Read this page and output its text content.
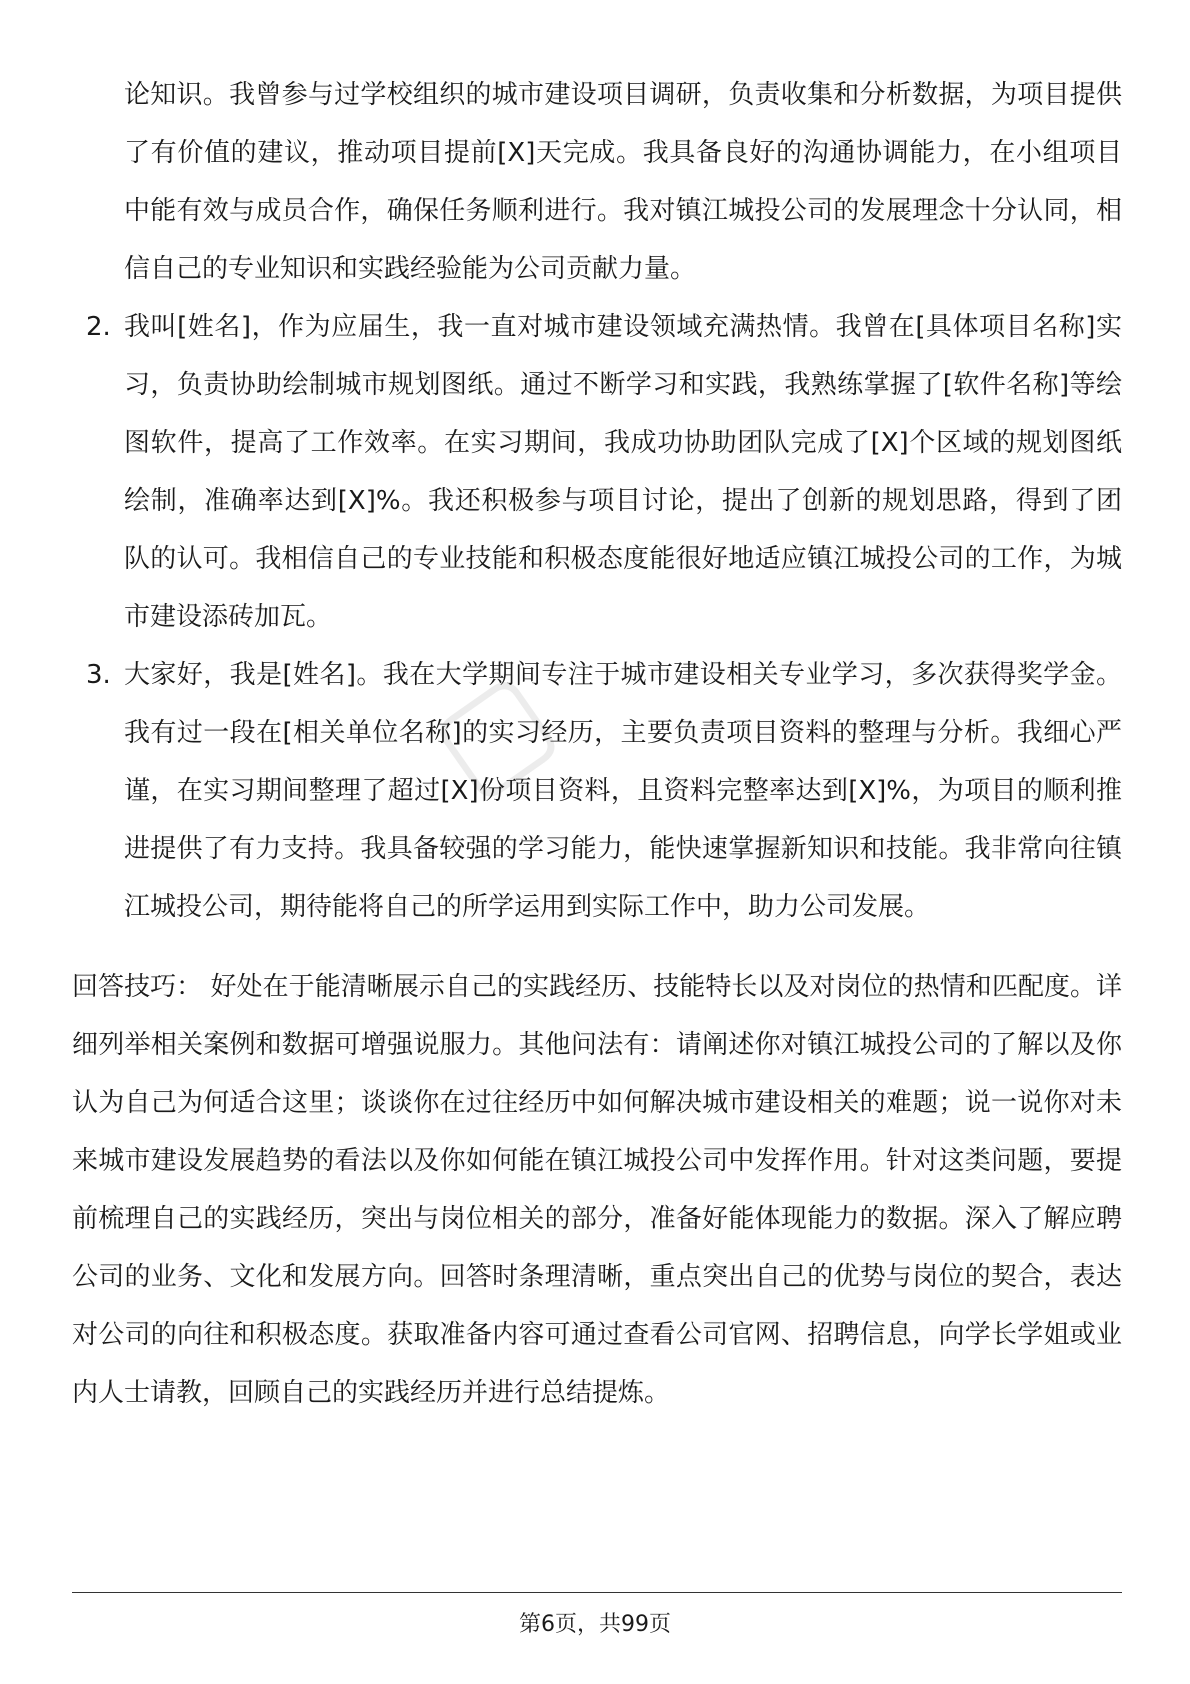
▢

论知识。我曾参与过学校组织的城市建设项目调研，负责收集和分析数据，为项目提供了有价值的建议，推动项目提前[X]天完成。我具备良好的沟通协调能力，在小组项目中能有效与成员合作，确保任务顺利进行。我对镇江城投公司的发展理念十分认同，相信自己的专业知识和实践经验能为公司贡献力量。

2. 我叫[姓名]，作为应届生，我一直对城市建设领域充满热情。我曾在[具体项目名称]实习，负责协助绘制城市规划图纸。通过不断学习和实践，我熟练掌握了[软件名称]等绘图软件，提高了工作效率。在实习期间，我成功协助团队完成了[X]个区域的规划图纸绘制，准确率达到[X]%。我还积极参与项目讨论，提出了创新的规划思路，得到了团队的认可。我相信自己的专业技能和积极态度能很好地适应镇江城投公司的工作，为城市建设添砖加瓦。

3. 大家好，我是[姓名]。我在大学期间专注于城市建设相关专业学习，多次获得奖学金。我有过一段在[相关单位名称]的实习经历，主要负责项目资料的整理与分析。我细心严谨，在实习期间整理了超过[X]份项目资料，且资料完整率达到[X]%，为项目的顺利推进提供了有力支持。我具备较强的学习能力，能快速掌握新知识和技能。我非常向往镇江城投公司，期待能将自己的所学运用到实际工作中，助力公司发展。

回答技巧： 好处在于能清晰展示自己的实践经历、技能特长以及对岗位的热情和匹配度。详细列举相关案例和数据可增强说服力。其他问法有：请阐述你对镇江城投公司的了解以及你认为自己为何适合这里；谈谈你在过往经历中如何解决城市建设相关的难题；说一说你对未来城市建设发展趋势的看法以及你如何能在镇江城投公司中发挥作用。针对这类问题，要提前梳理自己的实践经历，突出与岗位相关的部分，准备好能体现能力的数据。深入了解应聘公司的业务、文化和发展方向。回答时条理清晰，重点突出自己的优势与岗位的契合，表达对公司的向往和积极态度。获取准备内容可通过查看公司官网、招聘信息，向学长学姐或业内人士请教，回顾自己的实践经历并进行总结提炼。

第6页，共99页
